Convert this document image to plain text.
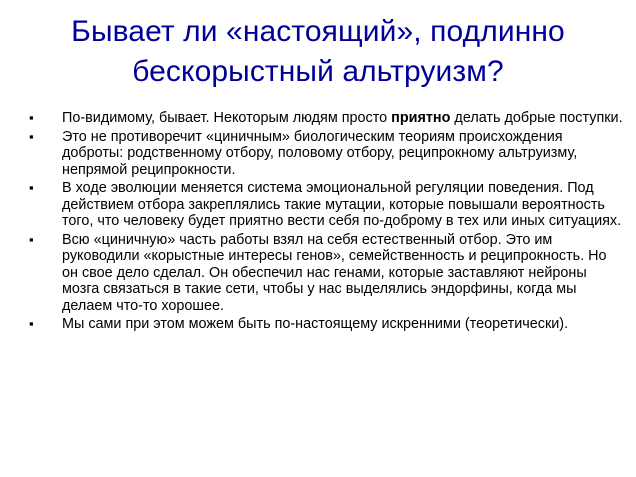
Бывает ли «настоящий», подлинно
бескорыстный альтруизм?
▪	По-видимому, бывает. Некоторым людям просто приятно делать добрые поступки.
▪	Это не противоречит «циничным» биологическим теориям происхождения доброты: родственному отбору, половому отбору, реципрокному альтруизму, непрямой реципрокности.
▪	В ходе эволюции меняется система эмоциональной регуляции поведения. Под действием отбора закреплялись такие мутации, которые повышали вероятность того, что человеку будет приятно вести себя по-доброму в тех или иных ситуациях.
▪	Всю «циничную» часть работы взял на себя естественный отбор. Это им руководили «корыстные интересы генов», семейственность и реципрокность. Но он свое дело сделал. Он обеспечил нас генами, которые заставляют нейроны мозга связаться в такие сети, чтобы у нас выделялись эндорфины, когда мы делаем что-то хорошее.
▪	Мы сами при этом можем быть по-настоящему искренними (теоретически).
